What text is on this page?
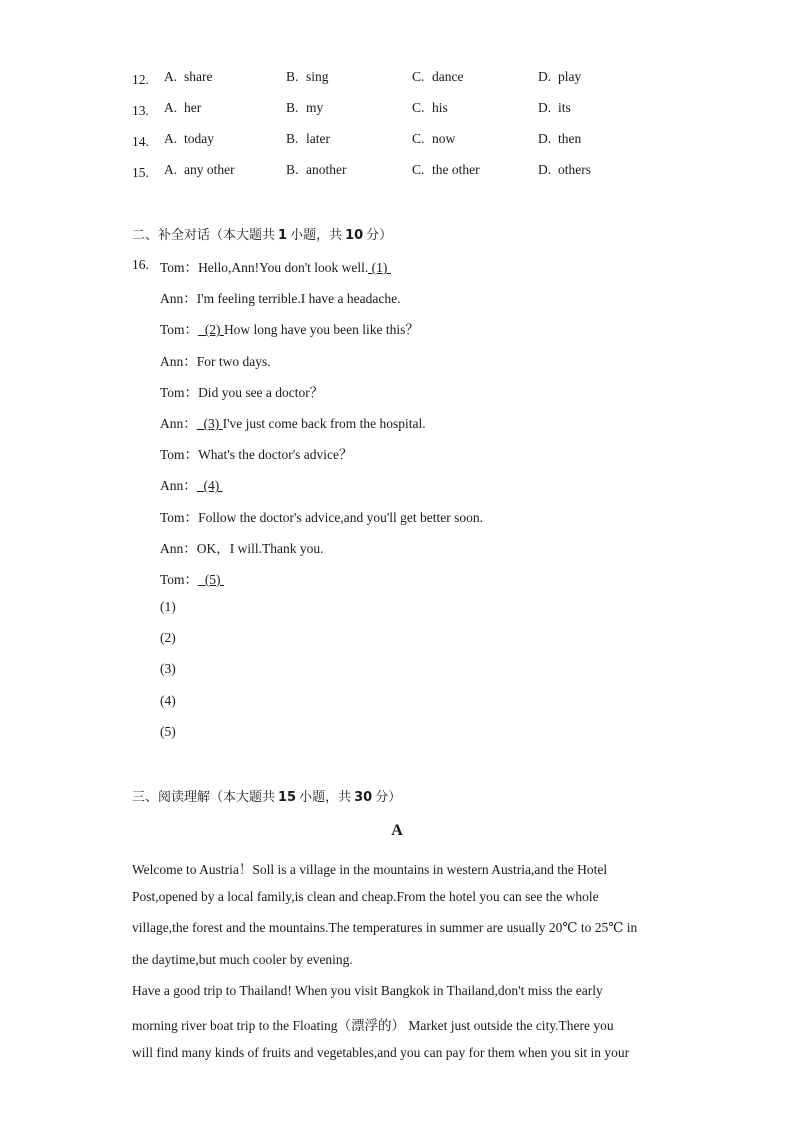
12.	A. share	B. sing	C. dance	D. play
13.	A. her	B. my	C. his	D. its
14.	A. today	B. later	C. now	D. then
15.	A. any other	B. another	C. the other	D. others
二、补全对话（本大题共 1 小题，共 10 分）
16. Tom：Hello,Ann!You don't look well. (1)
Ann：I'm feeling terrible.I have a headache.
Tom：  (2) How long have you been like this？
Ann：For two days.
Tom：Did you see a doctor？
Ann：  (3) I've just come back from the hospital.
Tom：What's the doctor's advice？
Ann：  (4)
Tom：Follow the doctor's advice,and you'll get better soon.
Ann：OK，I will.Thank you.
Tom：  (5)
(1)
(2)
(3)
(4)
(5)
三、阅读理解（本大题共 15 小题，共 30 分）
A
Welcome to Austria！Soll is a village in the mountains in western Austria,and the Hotel
Post,opened by a local family,is clean and cheap.From the hotel you can see the whole
village,the forest and the mountains.The temperatures in summer are usually 20℃ to 25℃ in
the daytime,but much cooler by evening.
Have a good trip to Thailand! When you visit Bangkok in Thailand,don't miss the early
morning river boat trip to the Floating（漂浮的） Market just outside the city.There you
will find many kinds of fruits and vegetables,and you can pay for them when you sit in your
